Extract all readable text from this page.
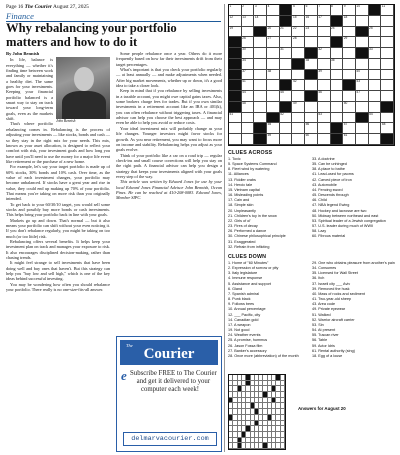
Page 16 The Courier August 27, 2025
Finance
Why rebalancing your portfolio matters and how to do it

By John Bennish

John Bennish

In life, balance is everything — whether it's finding time between work and family or maintaining a healthy diet. The same goes for your investments. Keeping your financial portfolio balanced is a smart way to stay on track toward your long-term goals, even as the markets shift.

That's where portfolio rebalancing comes in. Rebalancing is the process of adjusting your investments — like stocks, bonds and cash — so they stay in the right mix for your needs. This mix, known as your asset allocation, is designed to reflect your comfort with risk, your investment goals and how long you have until you'll need to use the money for a major life event like retirement or the purchase of a new home.

For example, let's say your target portfolio is made up of 60% stocks, 30% bonds and 10% cash. Over time, as the value of each investment changes, your portfolio may become unbalanced. If stocks have a great year and rise in value, they could end up making up 70% of your portfolio. That means you're taking on more risk than you originally intended.

To get back to your 60/30/10 target, you would sell some stocks and possibly buy more bonds or cash investments. This helps bring your portfolio back in line with your goals.

Markets go up and down. That's normal — but it also means your portfolio can shift without your even noticing it. If you don't rebalance regularly, you might be taking on too much (or too little) risk.

Rebalancing offers several benefits. It helps keep your investment plan on track and manages your exposure to risk. It also encourages disciplined decision-making, rather than chasing trends.

It might feel strange to sell investments that have been doing well and buy ones that haven't. But this strategy can help you "buy low and sell high," which is one of the key ideas behind successful investing.

You may be wondering how often you should rebalance your portfolio. There really is no one-size-fits-all answer.

Some people rebalance once a year. Others do it more frequently based on how far their investments drift from their target percentages.

What's important is that you check your portfolio regularly — at least annually — and make adjustments when needed. After big market movements, whether up or down, it's a good idea to take a closer look.

Keep in mind that if you rebalance by selling investments in a taxable account, you might owe capital gains taxes. Also, some brokers charge fees for trades. But if you own similar investments in a retirement account like an IRA or 401(k), you can often rebalance without triggering taxes. A financial advisor can help you choose the best approach — and may even be able to help you avoid or reduce costs.

Your ideal investment mix will probably change as your life changes. Younger investors might favor stocks for growth. As you near retirement, you may want to focus more on income and stability. Rebalancing helps you adjust as your goals evolve.

Think of your portfolio like a car on a road trip — regular check-ins and small course corrections will help you stay on the right path. A financial advisor can help you design a strategy that keeps your investments aligned with your goals every step of the way.

This article was written by Edward Jones for use by your local Edward Jones Financial Advisor John Bennish, Ocean Pines. He can be reached at 410-208-0083. Edward Jones, Member SIPC.

The
Courier
e Subscribe FREE to The Courier and get it delivered to your computer each week!
delmarvacourier.com
1	2	3	4	5	6	7	8	9	10	11
12	13	14	15	16	17	18
19	20	21	22	23	24	25
26	27	28	29
30	31	32	33
34	35	36
37	38	39	40
41	42	43
44	45	46	47
48	49	50
51	52	53	54
55	56	57	58
59	60	61
CLUES ACROSS
1. Toxic
5. Space Systems Command
8. Fleet wind by watering
11. Alliances
13. Fiddler crabs
14. Heroic tale
15. Vietnam capital
16. Misleading points
17. Cain and
18. Simple skin
20. Unpleasantly
21. Children's toy in the snow
22. Girls of ol'
23. Fires of decay
26. Performed a dance
30. Chinese philosophical principle
31. Exaggerated
32. Refrain from inflicting
33. A doctrine
35. Can be unhinged
38. A place to bathe
41. Lead-used for paoms
42. Carved piece of iron
43. Automobile
44. Fencing sword
45. Descends through
46. Child
47. NBA legend Ewing
48. Hockey and lacrosse are two
50. Midway between northeast and east
53. Spiritual leader of a Jewish congregation
57. U.S. leader during much of WWII
58. Lazy
60. Fibrous material
CLUES DOWN
1. Home of "60 Minutes"
2. Expression of sorrow or pity
3. Italy legislature
4. Immune response
5. Assistance and support
6. Gland
7. Spanish admiral
8. Punk black
9. Follows bees
10. Annual percentage
12. ___ Pacific, city
14. Canadian gold
17. A weapon
19. Not good
24. Weather events
25. A promise, hummus
26. Jason Fossa film
27. Banker's accessory
28. Once more (abbreviation) of the month
29. One who obtains pleasure from another's pain
34. Consumes
35. Licensed for Wall Street
36. Itch
37. Israeli city ___ Aviv
39. Removed the husk
40. Mass of rocks and sediment
41. Two-year-old sheep
43. Area code
49. Private eyewear
51. Walked
52. Warrior aircraft carrier
53. Sin
54. At present
55. Tuscan river
56. Table
59. Actor Idris
61. Rental authority (sing)
18. Egg of a louse
Answers for August 20
